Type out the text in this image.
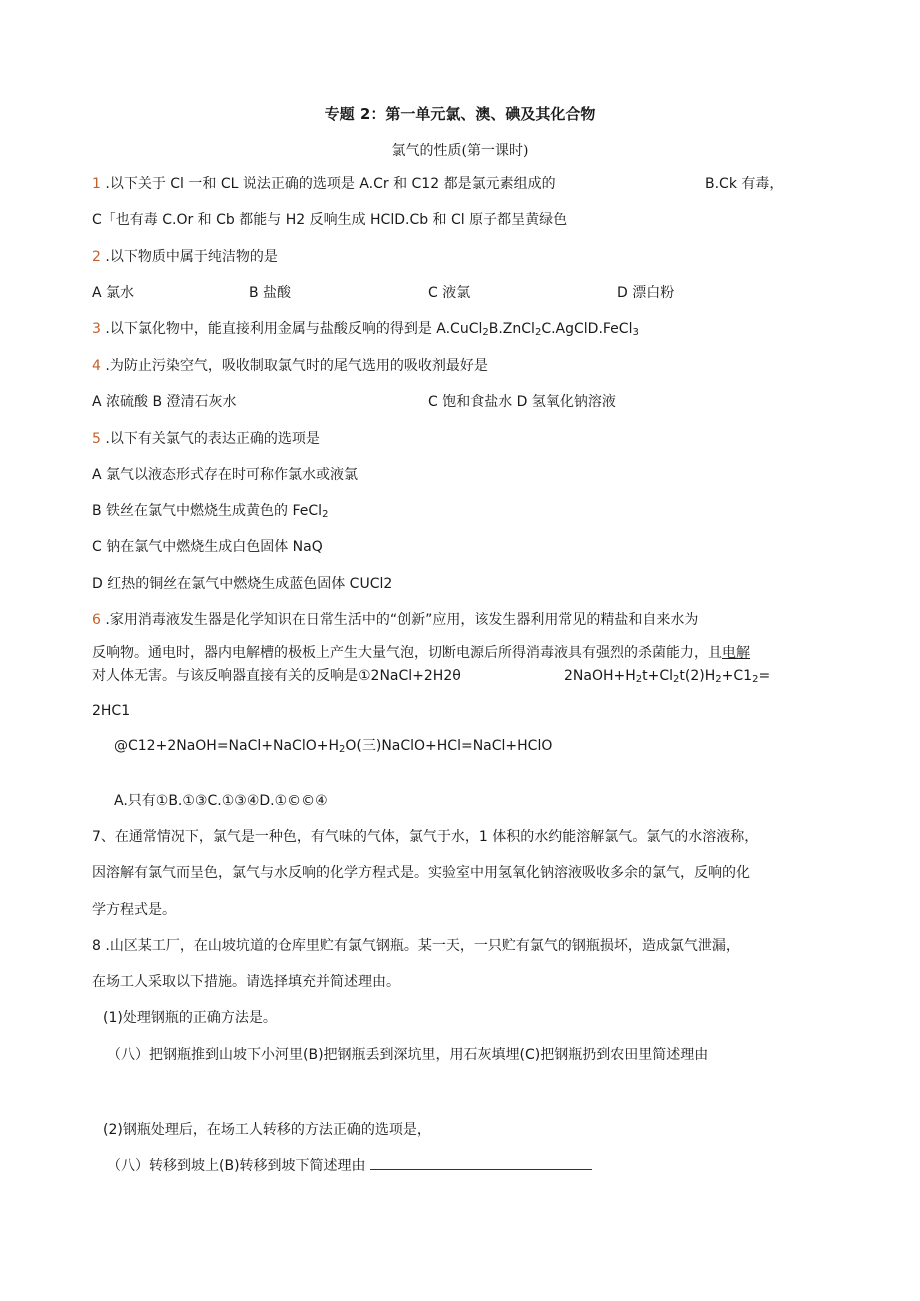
专题 2：第一单元氯、澳、碘及其化合物
氯气的性质(第一课时)
1 .以下关于 Cl 一和 CL 说法正确的选项是 A.Cr 和 C12 都是氯元素组成的	B.Ck 有毒，
C「也有毒 C.Or 和 Cb 都能与 H2 反响生成 HClD.Cb 和 Cl 原子都呈黄绿色
2 .以下物质中属于纯洁物的是
A 氯水	B 盐酸	C 液氯	D 漂白粉
3 .以下氯化物中，能直接利用金属与盐酸反响的得到是 A.CuCl$_2$B.ZnCl$_2$C.AgClD.FeCl$_3$
4 .为防止污染空气，吸收制取氯气时的尾气选用的吸收剂最好是
A 浓硫酸 B 澄清石灰水	C 饱和食盐水 D 氢氧化钠溶液
5 .以下有关氯气的表达正确的选项是
A 氯气以液态形式存在时可称作氯水或液氯
B 铁丝在氯气中燃烧生成黄色的 FeCl$_2$
C 钠在氯气中燃烧生成白色固体 NaQ
D 红热的铜丝在氯气中燃烧生成蓝色固体 CUCl2
6 .家用消毒液发生器是化学知识在日常生活中的“创新”应用，该发生器利用常见的精盐和自来水为
反响物。通电时，器内电解槽的极板上产生大量气泡，切断电源后所得消毒液具有强烈的杀菌能力，且电解
对人体无害。与该反响器直接有关的反响是①2NaCl+2H2θ	$2NaOH+H_2t+Cl_2t(2)H_2+C1_2=$
2HC1
$@C12+2NaOH=NaCl+NaClO+H_2O$(三)NaClO+HCl=NaCl+HClO
A.只有①B.①③C.①③④D.①©©④
7、在通常情况下，氯气是一种色，有气味的气体，氯气于水，1 体积的水约能溶解氯气。氯气的水溶液称，
因溶解有氯气而呈色，氯气与水反响的化学方程式是。实验室中用氢氧化钠溶液吸收多余的氯气，反响的化
学方程式是。
8 .山区某工厂，在山坡坑道的仓库里贮有氯气钢瓶。某一天，一只贮有氯气的钢瓶损坏，造成氯气泄漏，
在场工人采取以下措施。请选择填充并简述理由。
(1)处理钢瓶的正确方法是。
（八）把钢瓶推到山坡下小河里(B)把钢瓶丢到深坑里，用石灰填埋(C)把钢瓶扔到农田里简述理由
(2)钢瓶处理后，在场工人转移的方法正确的选项是，
（八）转移到坡上(B)转移到坡下简述理由
